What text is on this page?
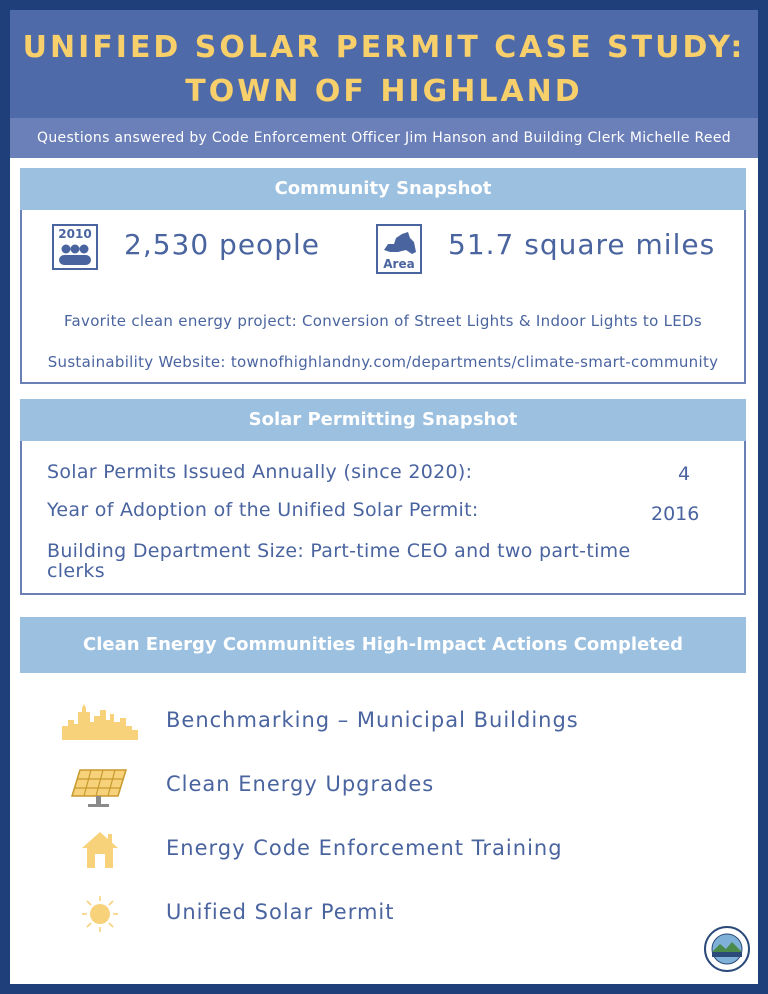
UNIFIED SOLAR PERMIT CASE STUDY:
TOWN OF HIGHLAND
Questions answered by Code Enforcement Officer Jim Hanson and Building Clerk Michelle Reed
Community Snapshot
2010 2,530 people
Area
51.7 square miles
Favorite clean energy project: Conversion of Street Lights & Indoor Lights to LEDs
Sustainability Website: townofhighlandny.com/departments/climate-smart-community
Solar Permitting Snapshot
Solar Permits Issued Annually (since 2020):	4
Year of Adoption of the Unified Solar Permit:	2016
Building Department Size: Part-time CEO and two part-time
clerks
Clean Energy Communities High-Impact Actions Completed
Benchmarking – Municipal Buildings
Clean Energy Upgrades
Energy Code Enforcement Training
Unified Solar Permit
